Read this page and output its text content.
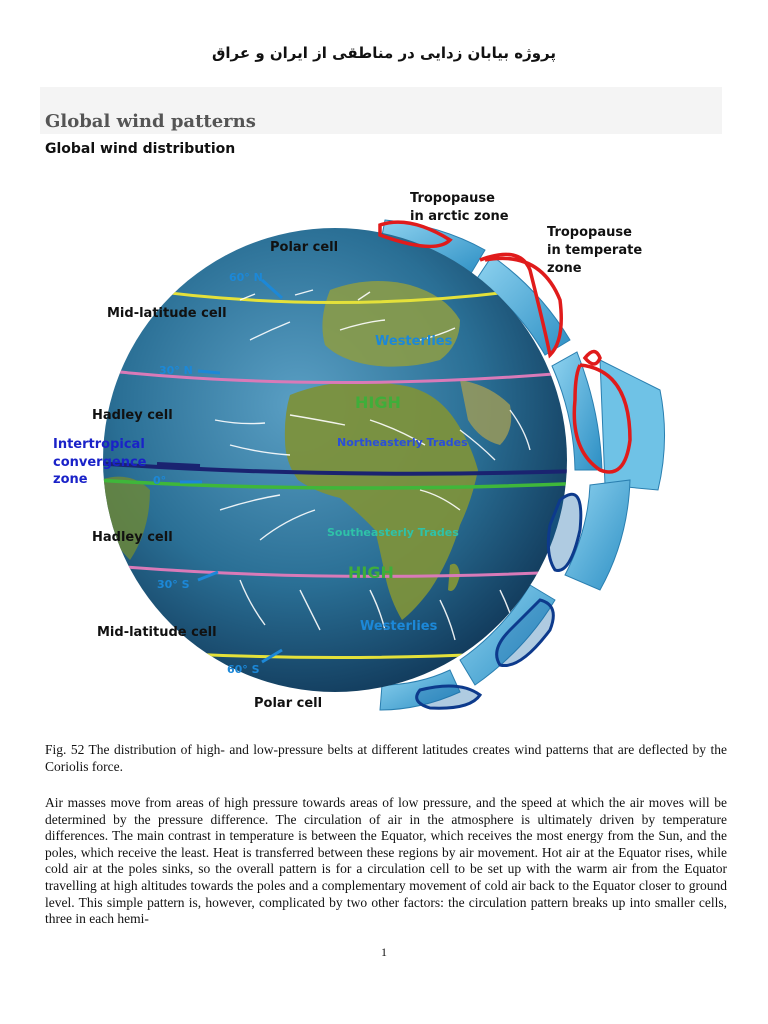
پروژه بیابان زدایی در مناطقی از ایران و عراق
Global wind patterns
Global wind distribution
Westerlies
HIGH
Northeasterly Trades
Southeasterly Trades
HIGH
Westerlies
Polar cell
Mid-latitude cell
Hadley cell
Intertropical
convergence
zone
Hadley cell
Mid-latitude cell
Polar cell
60° N
30° N
0°
30° S
60° S
Tropopause
in arctic zone
Tropopause
in temperate
zone
Fig. 52 The distribution of high- and low-pressure belts at different latitudes creates wind patterns that are deflected by the Coriolis force.
Air masses move from areas of high pressure towards areas of low pressure, and the speed at which the air moves will be determined by the pressure difference. The circulation of air in the atmosphere is ultimately driven by temperature differences. The main contrast in temperature is between the Equator, which receives the most energy from the Sun, and the poles, which receive the least. Heat is transferred between these regions by air movement. Hot air at the Equator rises, while cold air at the poles sinks, so the overall pattern is for a circulation cell to be set up with the warm air from the Equator travelling at high altitudes towards the poles and a complementary movement of cold air back to the Equator closer to ground level. This simple pattern is, however, complicated by two other factors: the circulation pattern breaks up into smaller cells, three in each hemi-
1
